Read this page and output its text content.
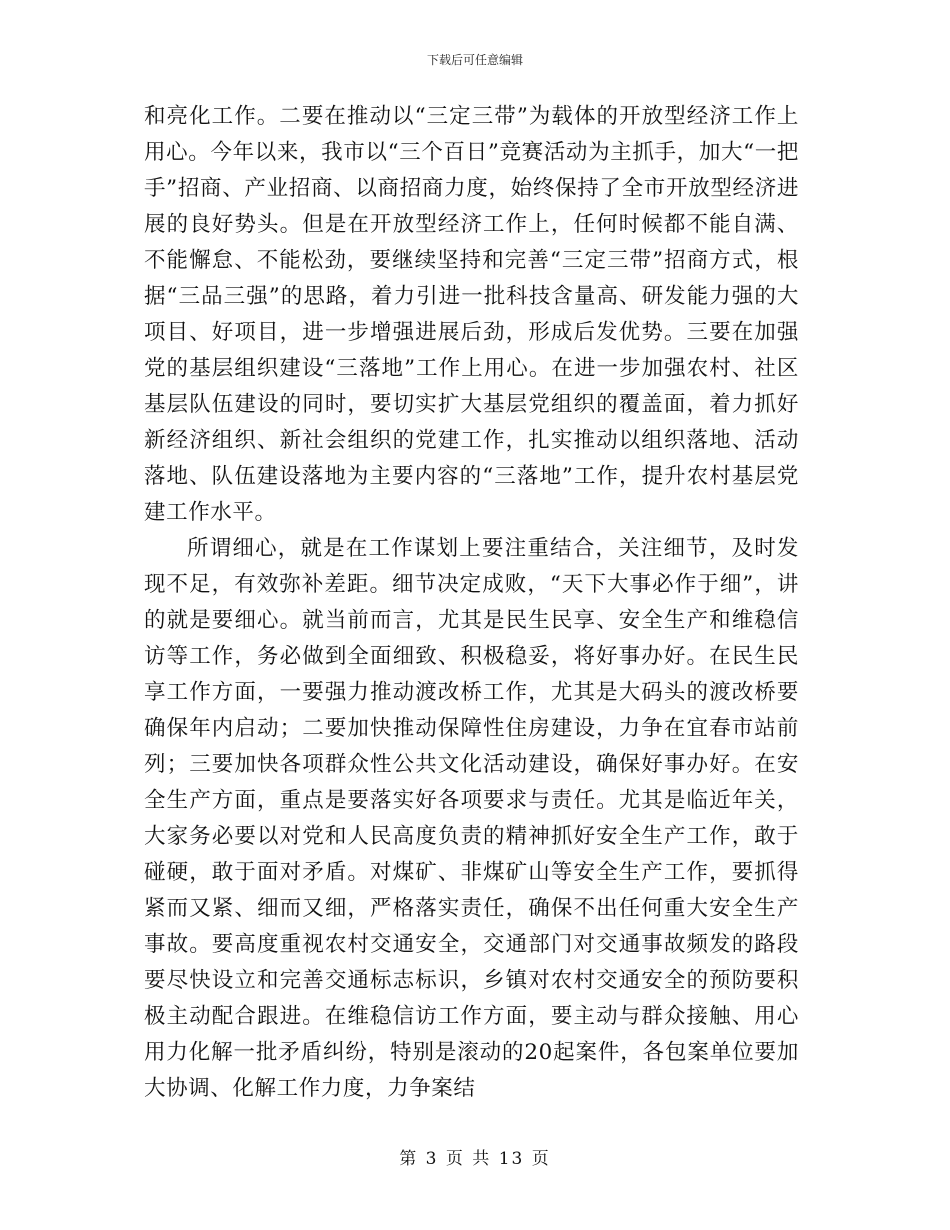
下载后可任意编辑

和亮化工作。二要在推动以“三定三带”为载体的开放型经济工作上用心。今年以来，我市以“三个百日”竞赛活动为主抓手，加大“一把手”招商、产业招商、以商招商力度，始终保持了全市开放型经济进展的良好势头。但是在开放型经济工作上，任何时候都不能自满、不能懈怠、不能松劲，要继续坚持和完善“三定三带”招商方式，根据“三品三强”的思路，着力引进一批科技含量高、研发能力强的大项目、好项目，进一步增强进展后劲，形成后发优势。三要在加强党的基层组织建设“三落地”工作上用心。在进一步加强农村、社区基层队伍建设的同时，要切实扩大基层党组织的覆盖面，着力抓好新经济组织、新社会组织的党建工作，扎实推动以组织落地、活动落地、队伍建设落地为主要内容的“三落地”工作，提升农村基层党建工作水平。

所谓细心，就是在工作谋划上要注重结合，关注细节，及时发现不足，有效弥补差距。细节决定成败，“天下大事必作于细”，讲的就是要细心。就当前而言，尤其是民生民享、安全生产和维稳信访等工作，务必做到全面细致、积极稳妥，将好事办好。在民生民享工作方面，一要强力推动渡改桥工作，尤其是大码头的渡改桥要确保年内启动；二要加快推动保障性住房建设，力争在宜春市站前列；三要加快各项群众性公共文化活动建设，确保好事办好。在安全生产方面，重点是要落实好各项要求与责任。尤其是临近年关，大家务必要以对党和人民高度负责的精神抓好安全生产工作，敢于碰硬，敢于面对矛盾。对煤矿、非煤矿山等安全生产工作，要抓得紧而又紧、细而又细，严格落实责任，确保不出任何重大安全生产事故。要高度重视农村交通安全，交通部门对交通事故频发的路段要尽快设立和完善交通标志标识，乡镇对农村交通安全的预防要积极主动配合跟进。在维稳信访工作方面，要主动与群众接触、用心用力化解一批矛盾纠纷，特别是滚动的20起案件，各包案单位要加大协调、化解工作力度，力争案结

第 3 页 共 13 页
